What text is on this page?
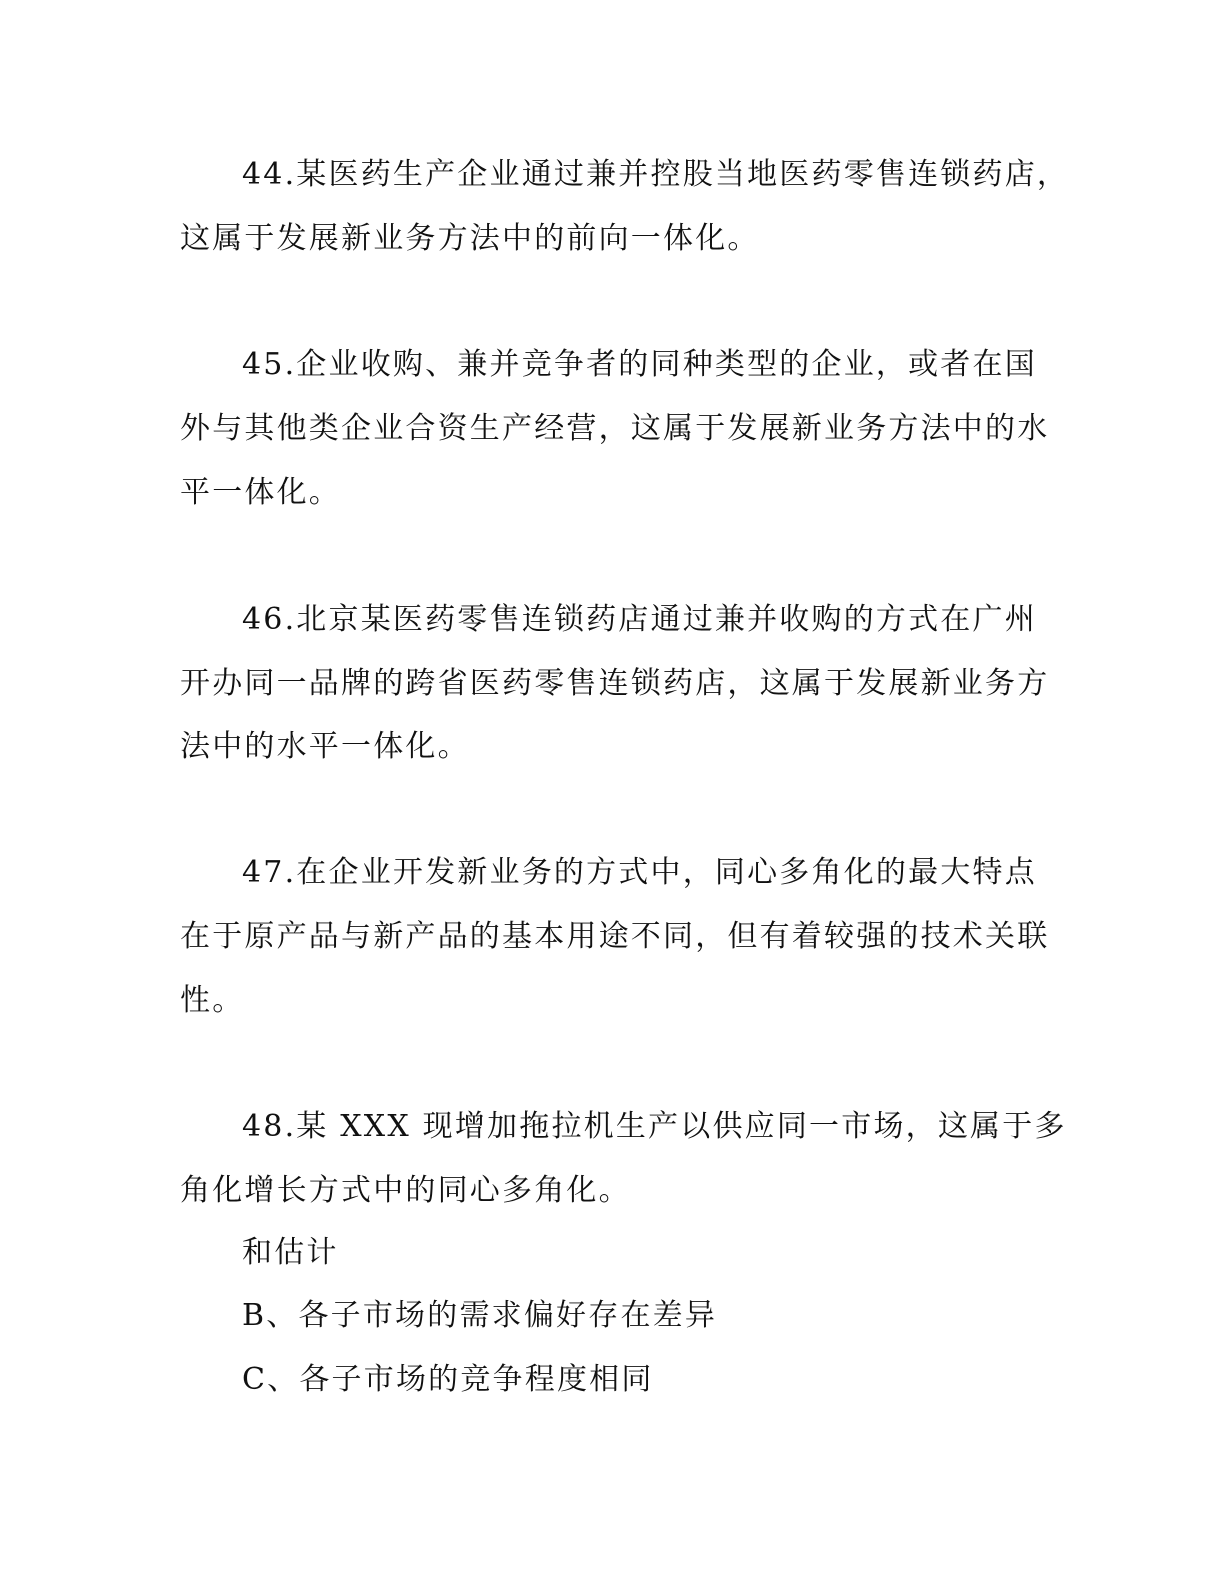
44.某医药生产企业通过兼并控股当地医药零售连锁药店，
这属于发展新业务方法中的前向一体化。
45.企业收购、兼并竞争者的同种类型的企业，或者在国
外与其他类企业合资生产经营，这属于发展新业务方法中的水
平一体化。
46.北京某医药零售连锁药店通过兼并收购的方式在广州
开办同一品牌的跨省医药零售连锁药店，这属于发展新业务方
法中的水平一体化。
47.在企业开发新业务的方式中，同心多角化的最大特点
在于原产品与新产品的基本用途不同，但有着较强的技术关联
性。
48.某 XXX 现增加拖拉机生产以供应同一市场，这属于多
角化增长方式中的同心多角化。
和估计
B、各子市场的需求偏好存在差异
C、各子市场的竞争程度相同
